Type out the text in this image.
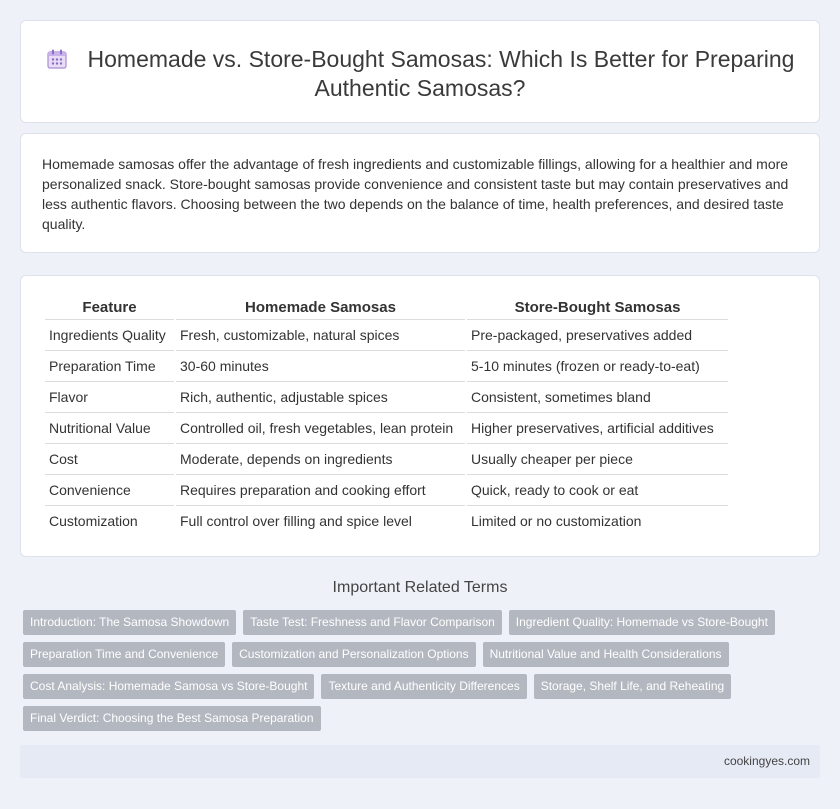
Homemade vs. Store-Bought Samosas: Which Is Better for Preparing Authentic Samosas?

Homemade samosas offer the advantage of fresh ingredients and customizable fillings, allowing for a healthier and more personalized snack. Store-bought samosas provide convenience and consistent taste but may contain preservatives and less authentic flavors. Choosing between the two depends on the balance of time, health preferences, and desired taste quality.

Feature	Homemade Samosas	Store-Bought Samosas
Ingredients Quality	Fresh, customizable, natural spices	Pre-packaged, preservatives added
Preparation Time	30-60 minutes	5-10 minutes (frozen or ready-to-eat)
Flavor	Rich, authentic, adjustable spices	Consistent, sometimes bland
Nutritional Value	Controlled oil, fresh vegetables, lean protein	Higher preservatives, artificial additives
Cost	Moderate, depends on ingredients	Usually cheaper per piece
Convenience	Requires preparation and cooking effort	Quick, ready to cook or eat
Customization	Full control over filling and spice level	Limited or no customization
Important Related Terms
Introduction: The Samosa Showdown	Taste Test: Freshness and Flavor Comparison	Ingredient Quality: Homemade vs Store-Bought
Preparation Time and Convenience	Customization and Personalization Options	Nutritional Value and Health Considerations
Cost Analysis: Homemade Samosa vs Store-Bought	Texture and Authenticity Differences	Storage, Shelf Life, and Reheating
Final Verdict: Choosing the Best Samosa Preparation
cookingyes.com
